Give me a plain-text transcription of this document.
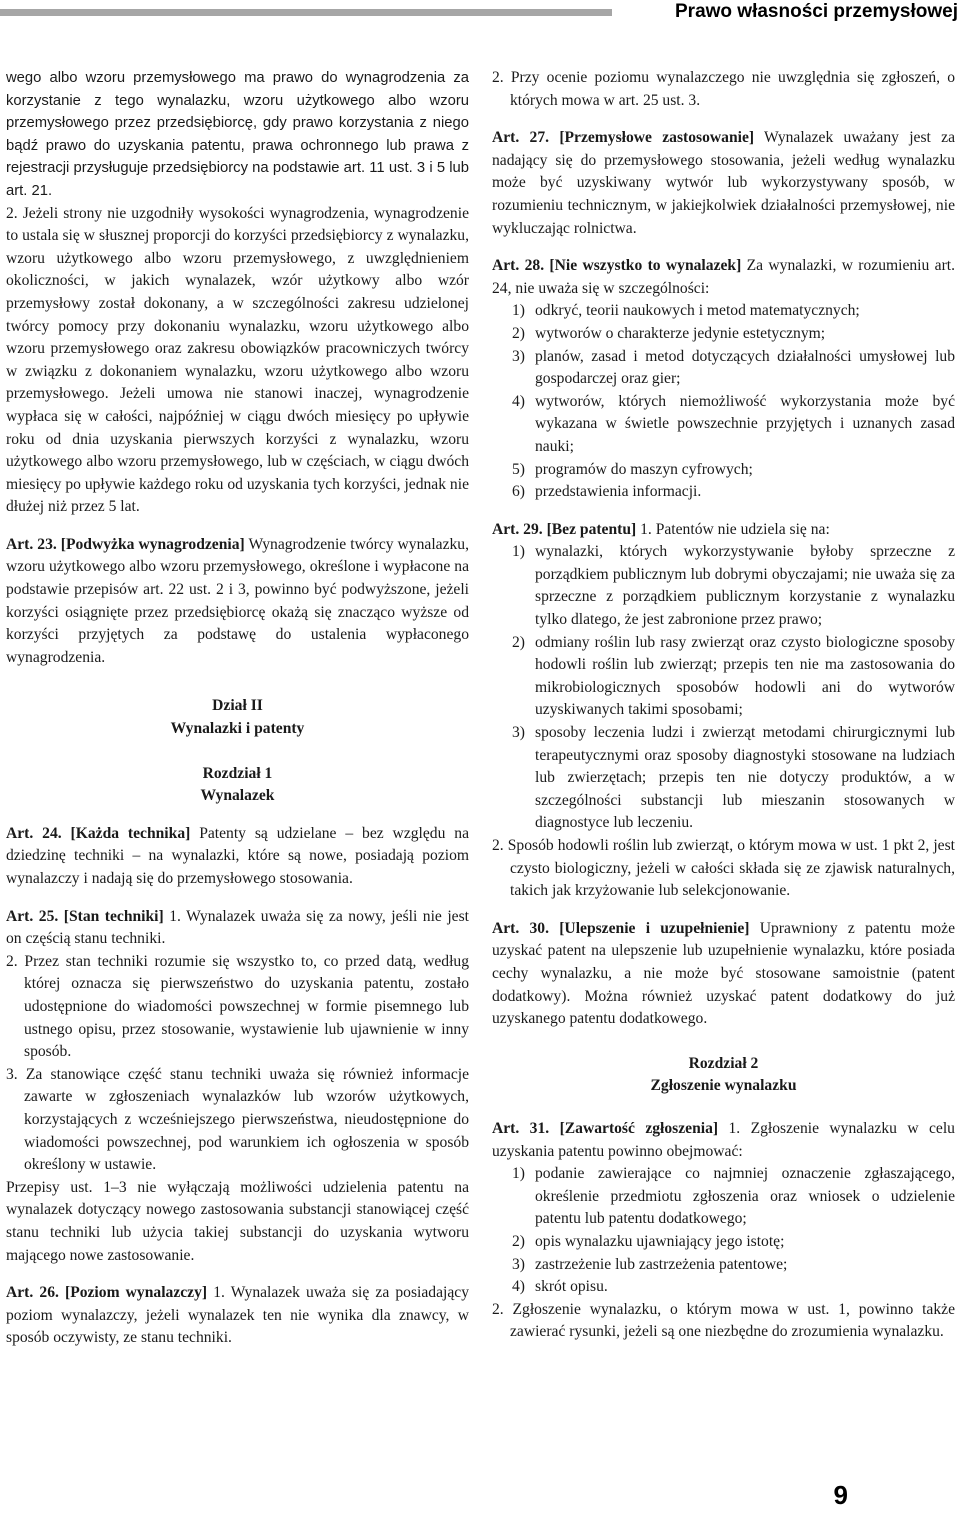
Prawo własności przemysłowej

wego albo wzoru przemysłowego ma prawo do wynagrodzenia za korzystanie z tego wynalazku, wzoru użytkowego albo wzoru przemysłowego przez przedsiębiorcę, gdy prawo korzystania z niego bądź prawo do uzyskania patentu, prawa ochronnego lub prawa z rejestracji przysługuje przedsiębiorcy na podstawie art. 11 ust. 3 i 5 lub art. 21.

2. Jeżeli strony nie uzgodniły wysokości wynagrodzenia, wynagrodzenie to ustala się w słusznej proporcji do korzyści przedsiębiorcy z wynalazku, wzoru użytkowego albo wzoru przemysłowego, z uwzględnieniem okoliczności, w jakich wynalazek, wzór użytkowy albo wzór przemysłowy został dokonany, a w szczególności zakresu udzielonej twórcy pomocy przy dokonaniu wynalazku, wzoru użytkowego albo wzoru przemysłowego oraz zakresu obowiązków pracowniczych twórcy w związku z dokonaniem wynalazku, wzoru użytkowego albo wzoru przemysłowego. Jeżeli umowa nie stanowi inaczej, wynagrodzenie wypłaca się w całości, najpóźniej w ciągu dwóch miesięcy po upływie roku od dnia uzyskania pierwszych korzyści z wynalazku, wzoru użytkowego albo wzoru przemysłowego, lub w częściach, w ciągu dwóch miesięcy po upływie każdego roku od uzyskania tych korzyści, jednak nie dłużej niż przez 5 lat.

Art. 23. [Podwyżka wynagrodzenia] Wynagrodzenie twórcy wynalazku, wzoru użytkowego albo wzoru przemysłowego, określone i wypłacone na podstawie przepisów art. 22 ust. 2 i 3, powinno być podwyższone, jeżeli korzyści osiągnięte przez przedsiębiorcę okażą się znacząco wyższe od korzyści przyjętych za podstawę do ustalenia wypłaconego wynagrodzenia.

Dział II

Wynalazki i patenty

Rozdział 1

Wynalazek

Art. 24. [Każda technika] Patenty są udzielane – bez względu na dziedzinę techniki – na wynalazki, które są nowe, posiadają poziom wynalazczy i nadają się do przemysłowego stosowania.

Art. 25. [Stan techniki] 1. Wynalazek uważa się za nowy, jeśli nie jest on częścią stanu techniki.

2. Przez stan techniki rozumie się wszystko to, co przed datą, według której oznacza się pierwszeństwo do uzyskania patentu, zostało udostępnione do wiadomości powszechnej w formie pisemnego lub ustnego opisu, przez stosowanie, wystawienie lub ujawnienie w inny sposób.

3. Za stanowiące część stanu techniki uważa się również informacje zawarte w zgłoszeniach wynalazków lub wzorów użytkowych, korzystających z wcześniejszego pierwszeństwa, nieudostępnione do wiadomości powszechnej, pod warunkiem ich ogłoszenia w sposób określony w ustawie.

Przepisy ust. 1–3 nie wyłączają możliwości udzielenia patentu na wynalazek dotyczący nowego zastosowania substancji stanowiącej część stanu techniki lub użycia takiej substancji do uzyskania wytworu mającego nowe zastosowanie.

Art. 26. [Poziom wynalazczy] 1. Wynalazek uważa się za posiadający poziom wynalazczy, jeżeli wynalazek ten nie wynika dla znawcy, w sposób oczywisty, ze stanu techniki.

2. Przy ocenie poziomu wynalazczego nie uwzględnia się zgłoszeń, o których mowa w art. 25 ust. 3.

Art. 27. [Przemysłowe zastosowanie] Wynalazek uważany jest za nadający się do przemysłowego stosowania, jeżeli według wynalazku może być uzyskiwany wytwór lub wykorzystywany sposób, w rozumieniu technicznym, w jakiejkolwiek działalności przemysłowej, nie wykluczając rolnictwa.

Art. 28. [Nie wszystko to wynalazek] Za wynalazki, w rozumieniu art. 24, nie uważa się w szczególności:

1) odkryć, teorii naukowych i metod matematycznych;
2) wytworów o charakterze jedynie estetycznym;
3) planów, zasad i metod dotyczących działalności umysłowej lub gospodarczej oraz gier;
4) wytworów, których niemożliwość wykorzystania może być wykazana w świetle powszechnie przyjętych i uznanych zasad nauki;
5) programów do maszyn cyfrowych;
6) przedstawienia informacji.

Art. 29. [Bez patentu] 1. Patentów nie udziela się na:

1) wynalazki, których wykorzystywanie byłoby sprzeczne z porządkiem publicznym lub dobrymi obyczajami; nie uważa się za sprzeczne z porządkiem publicznym korzystanie z wynalazku tylko dlatego, że jest zabronione przez prawo;
2) odmiany roślin lub rasy zwierząt oraz czysto biologiczne sposoby hodowli roślin lub zwierząt; przepis ten nie ma zastosowania do mikrobiologicznych sposobów hodowli ani do wytworów uzyskiwanych takimi sposobami;
3) sposoby leczenia ludzi i zwierząt metodami chirurgicznymi lub terapeutycznymi oraz sposoby diagnostyki stosowane na ludziach lub zwierzętach; przepis ten nie dotyczy produktów, a w szczególności substancji lub mieszanin stosowanych w diagnostyce lub leczeniu.

2. Sposób hodowli roślin lub zwierząt, o którym mowa w ust. 1 pkt 2, jest czysto biologiczny, jeżeli w całości składa się ze zjawisk naturalnych, takich jak krzyżowanie lub selekcjonowanie.

Art. 30. [Ulepszenie i uzupełnienie] Uprawniony z patentu może uzyskać patent na ulepszenie lub uzupełnienie wynalazku, które posiada cechy wynalazku, a nie może być stosowane samoistnie (patent dodatkowy). Można również uzyskać patent dodatkowy do już uzyskanego patentu dodatkowego.

Rozdział 2

Zgłoszenie wynalazku

Art. 31. [Zawartość zgłoszenia] 1. Zgłoszenie wynalazku w celu uzyskania patentu powinno obejmować:

1) podanie zawierające co najmniej oznaczenie zgłaszającego, określenie przedmiotu zgłoszenia oraz wniosek o udzielenie patentu lub patentu dodatkowego;
2) opis wynalazku ujawniający jego istotę;
3) zastrzeżenie lub zastrzeżenia patentowe;
4) skrót opisu.

2. Zgłoszenie wynalazku, o którym mowa w ust. 1, powinno także zawierać rysunki, jeżeli są one niezbędne do zrozumienia wynalazku.

9
